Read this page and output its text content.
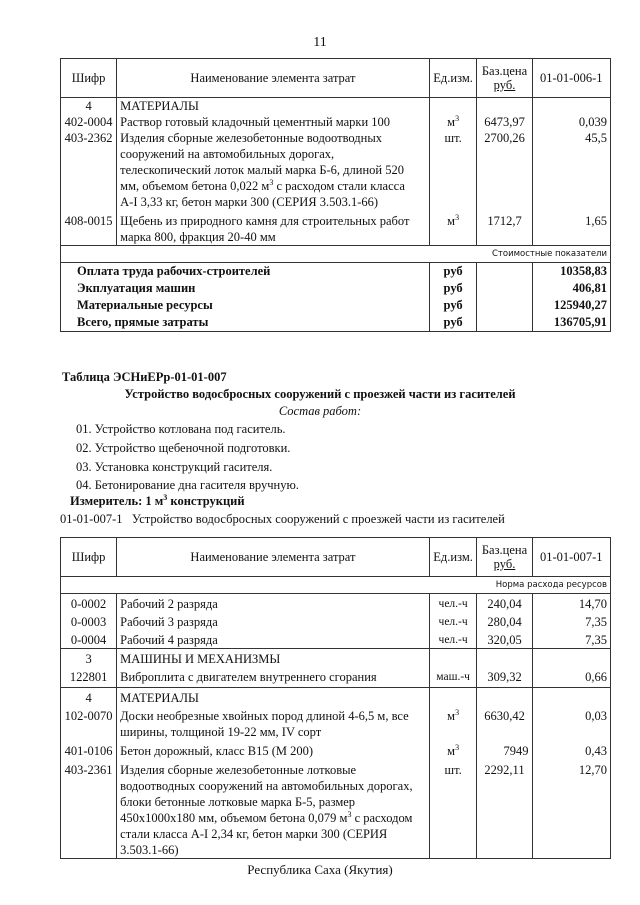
11
Шифр	Наименование элемента затрат	Ед.изм.	Баз.цена
руб.	01-01-006-1
4	МАТЕРИАЛЫ			
402-0004	Раствор готовый кладочный цементный марки 100	$м^3$	6473,97	0,039
403-2362	Изделия сборные железобетонные водоотводных
сооружений на автомобильных дорогах,
телескопический лоток малый марка Б-6, длиной 520
мм, объемом бетона 0,022 $м^3$ с расходом стали класса
А-I 3,33 кг, бетон марки 300 (СЕРИЯ 3.503.1-66)	шт.	2700,26	45,5
408-0015	Щебень из природного камня для строительных работ
марка 800, фракция 20-40 мм	$м^3$	1712,7	1,65
Стоимостные показатели				
Оплата труда рабочих-строителей		руб		10358,83
Экплуатация машин		руб		406,81
Материальные ресурсы		руб		125940,27
Всего, прямые затраты		руб		136705,91
Таблица ЭСНиЕРр-01-01-007
Устройство водосбросных сооружений с проезжей части из гасителей
Состав работ:
01. Устройство котлована под гаситель.
02. Устройство щебеночной подготовки.
03. Установка конструкций гасителя.
04. Бетонирование дна гасителя вручную.
Измеритель: 1 $м^3$ конструкций
01-01-007-1 Устройство водосбросных сооружений с проезжей части из гасителей
Шифр	Наименование элемента затрат	Ед.изм.	Баз.цена
руб.	01-01-007-1
Норма расхода ресурсов				
0-0002	Рабочий 2 разряда	чел.-ч	240,04	14,70
0-0003	Рабочий 3 разряда	чел.-ч	280,04	7,35
0-0004	Рабочий 4 разряда	чел.-ч	320,05	7,35
3	МАШИНЫ И МЕХАНИЗМЫ			
122801	Виброплита с двигателем внутреннего сгорания	маш.-ч	309,32	0,66
4	МАТЕРИАЛЫ			
102-0070	Доски необрезные хвойных пород длиной 4-6,5 м, все
ширины, толщиной 19-22 мм, IV сорт	$м^3$	6630,42	0,03
401-0106	Бетон дорожный, класс В15 (М 200)	$м^3$	7949	0,43
403-2361	Изделия сборные железобетонные лотковые
водоотводных сооружений на автомобильных дорогах,
блоки бетонные лотковые марка Б-5, размер
450х1000х180 мм, объемом бетона 0,079 $м^3$ с расходом
стали класса А-I 2,34 кг, бетон марки 300 (СЕРИЯ
3.503.1-66)	шт.	2292,11	12,70
Республика Саха (Якутия)
